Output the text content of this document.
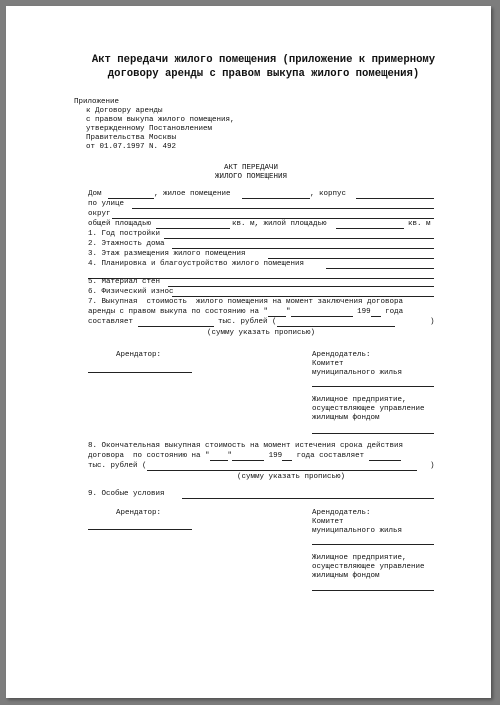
Акт передачи жилого помещения (приложение к примерному договору аренды с правом выкупа жилого помещения)
Приложение
к Договору аренды
с правом выкупа жилого помещения,
утвержденному Постановлением
Правительства Москвы
от 01.07.1997 N. 492
АКТ ПЕРЕДАЧИ
ЖИЛОГО ПОМЕЩЕНИЯ
Дом	, жилое помещение	, корпус
по улице
округ
общей площадью	кв. м, жилой площадью	кв. м
1. Год постройки
2. Этажность дома
3. Этаж размещения жилого помещения
4. Планировка и благоустройство жилого помещения
5. Материал стен
6. Физический износ
7. Выкупная  стоимость  жилого помещения на момент заключения договора
аренды с правом выкупа по состоянию на " "	199 года
составляет	тыс. рублей (	)
(сумму указать прописью)
Арендатор:	Арендодатель:
Комитет
муниципального жилья
Жилищное предприятие,
осуществляющее управление
жилищным фондом
8. Окончательная выкупная стоимость на момент истечения срока действия
договора  по состоянию на " "	199 года составляет
тыс. рублей (	)
(сумму указать прописью)
9. Особые условия
Арендатор:	Арендодатель:
Комитет
муниципального жилья
Жилищное предприятие,
осуществляющее управление
жилищным фондом
